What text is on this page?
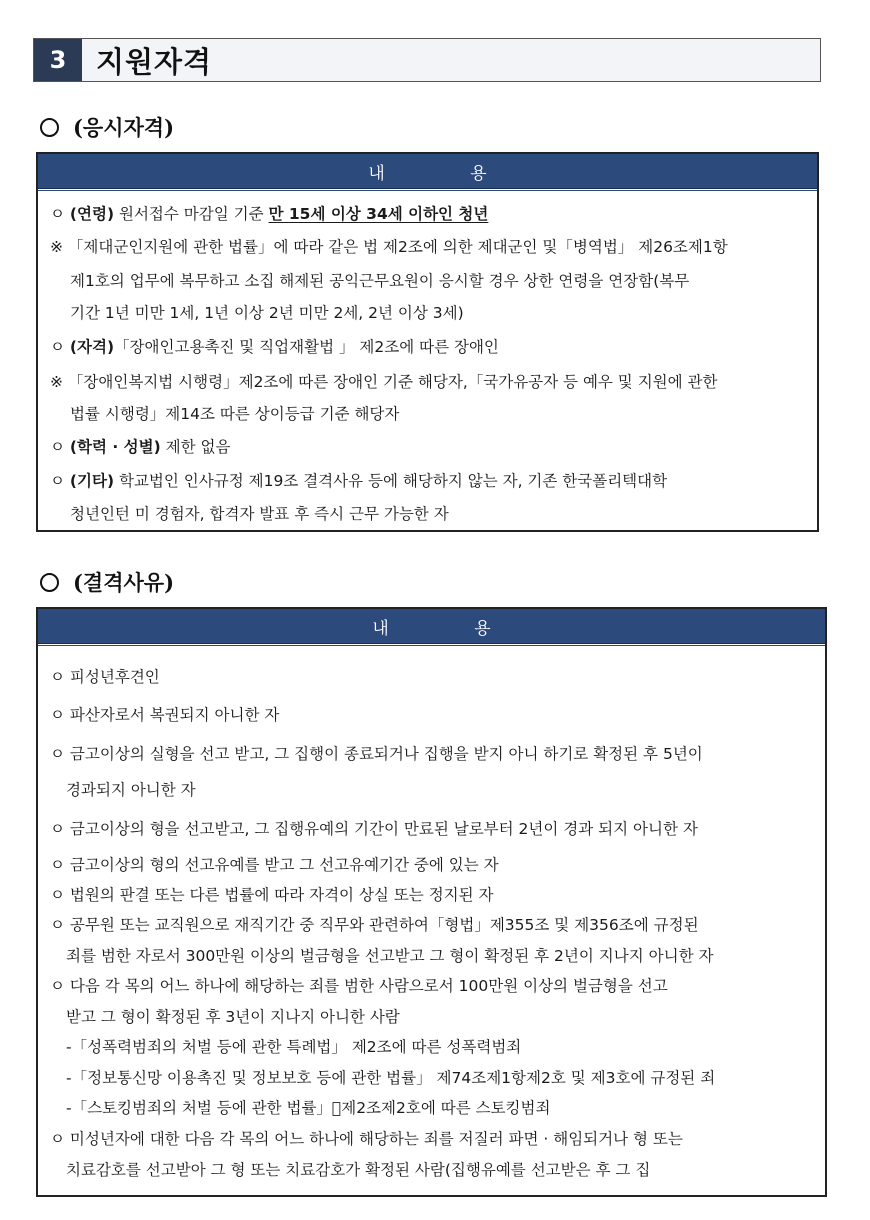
3	지원자격
(응시자격)
내 용
ㅇ (연령) 원서접수 마감일 기준 만 15세 이상 34세 이하인 청년
※ 「제대군인지원에 관한 법률」에 따라 같은 법 제2조에 의한 제대군인 및「병역법」 제26조제1항
제1호의 업무에 복무하고 소집 해제된 공익근무요원이 응시할 경우 상한 연령을 연장함(복무
기간 1년 미만 1세, 1년 이상 2년 미만 2세, 2년 이상 3세)
ㅇ (자격)「장애인고용촉진 및 직업재활법 」 제2조에 따른 장애인
※ 「장애인복지법 시행령」제2조에 따른 장애인 기준 해당자,「국가유공자 등 예우 및 지원에 관한
법률 시행령」제14조 따른 상이등급 기준 해당자
ㅇ (학력 · 성별) 제한 없음
ㅇ (기타) 학교법인 인사규정 제19조 결격사유 등에 해당하지 않는 자, 기존 한국폴리텍대학
청년인턴 미 경험자, 합격자 발표 후 즉시 근무 가능한 자
(결격사유)
내 용
ㅇ 피성년후견인
ㅇ 파산자로서 복권되지 아니한 자
ㅇ 금고이상의 실형을 선고 받고, 그 집행이 종료되거나 집행을 받지 아니 하기로 확정된 후 5년이
경과되지 아니한 자
ㅇ 금고이상의 형을 선고받고, 그 집행유예의 기간이 만료된 날로부터 2년이 경과 되지 아니한 자
ㅇ 금고이상의 형의 선고유예를 받고 그 선고유예기간 중에 있는 자
ㅇ 법원의 판결 또는 다른 법률에 따라 자격이 상실 또는 정지된 자
ㅇ 공무원 또는 교직원으로 재직기간 중 직무와 관련하여「형법」제355조 및 제356조에 규정된
죄를 범한 자로서 300만원 이상의 벌금형을 선고받고 그 형이 확정된 후 2년이 지나지 아니한 자
ㅇ 다음 각 목의 어느 하나에 해당하는 죄를 범한 사람으로서 100만원 이상의 벌금형을 선고
받고 그 형이 확정된 후 3년이 지나지 아니한 사람
-「성폭력범죄의 처벌 등에 관한 특례법」 제2조에 따른 성폭력범죄
-「정보통신망 이용촉진 및 정보보호 등에 관한 법률」 제74조제1항제2호 및 제3호에 규정된 죄
-「스토킹범죄의 처벌 등에 관한 법률」 제2조제2호에 따른 스토킹범죄
ㅇ 미성년자에 대한 다음 각 목의 어느 하나에 해당하는 죄를 저질러 파면 · 해임되거나 형 또는
치료감호를 선고받아 그 형 또는 치료감호가 확정된 사람(집행유예를 선고받은 후 그 집
